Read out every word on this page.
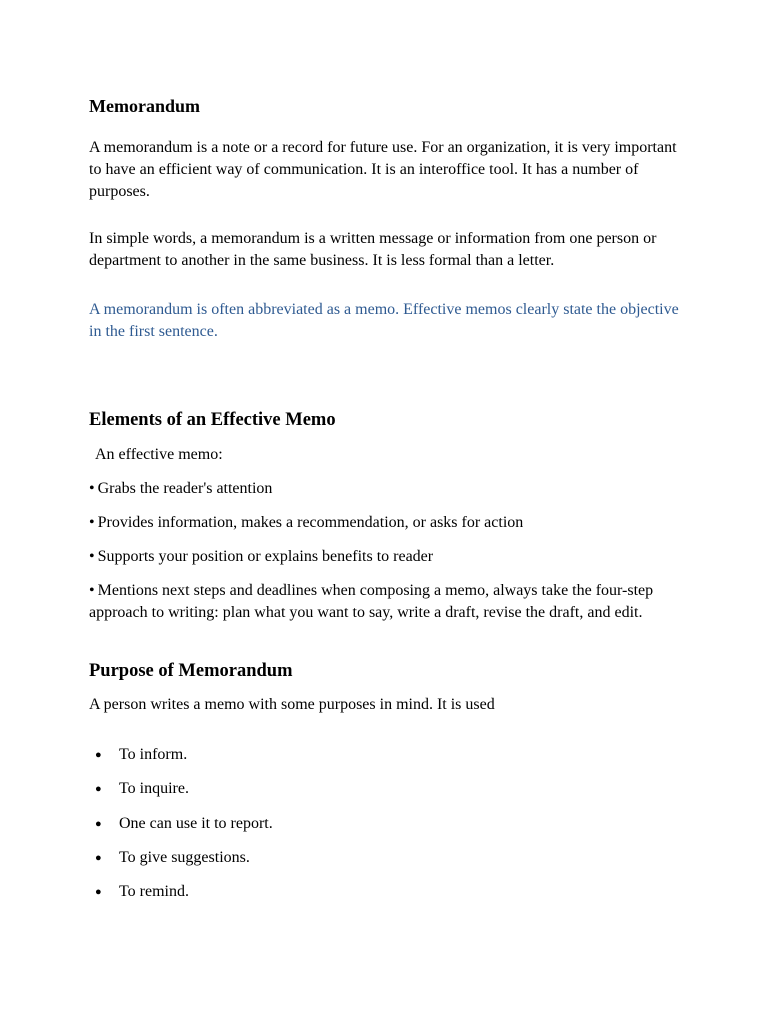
Memorandum

A memorandum is a note or a record for future use. For an organization, it is very important to have an efficient way of communication. It is an interoffice tool. It has a number of purposes.

In simple words, a memorandum is a written message or information from one person or department to another in the same business. It is less formal than a letter.

A memorandum is often abbreviated as a memo. Effective memos clearly state the objective in the first sentence.

Elements of an Effective Memo

An effective memo:

• Grabs the reader's attention

• Provides information, makes a recommendation, or asks for action

• Supports your position or explains benefits to reader

• Mentions next steps and deadlines when composing a memo, always take the four-step approach to writing: plan what you want to say, write a draft, revise the draft, and edit.

Purpose of Memorandum

A person writes a memo with some purposes in mind. It is used

● To inform.

● To inquire.

● One can use it to report.

● To give suggestions.

● To remind.
